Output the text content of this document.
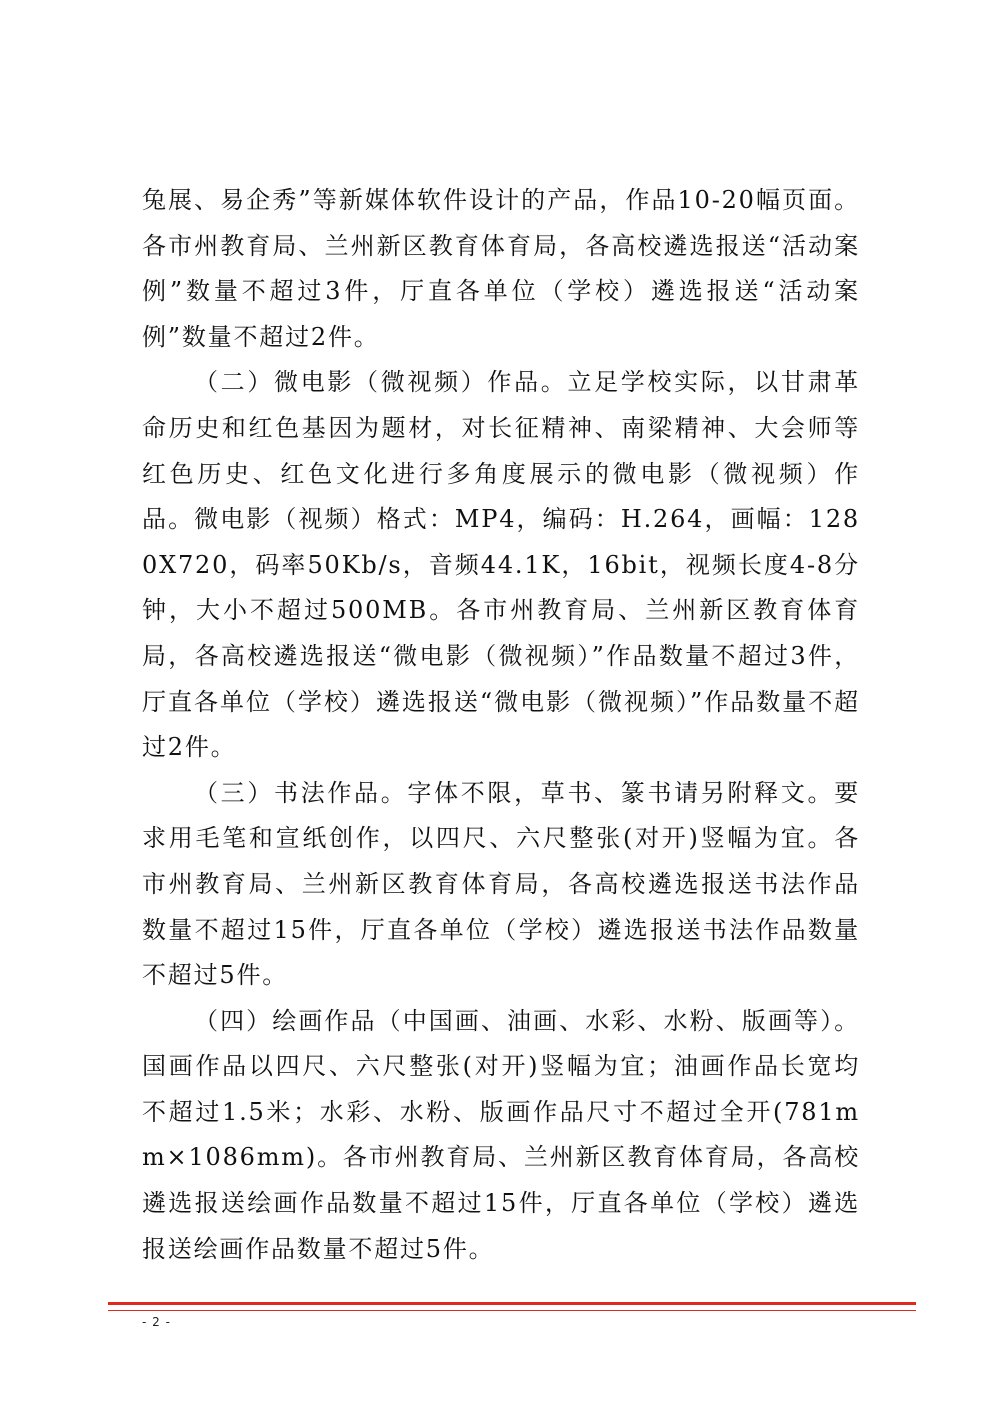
兔展、易企秀”等新媒体软件设计的产品，作品10-20幅页面。各市州教育局、兰州新区教育体育局，各高校遴选报送“活动案例”数量不超过3件，厅直各单位（学校）遴选报送“活动案例”数量不超过2件。

（二）微电影（微视频）作品。立足学校实际，以甘肃革命历史和红色基因为题材，对长征精神、南梁精神、大会师等红色历史、红色文化进行多角度展示的微电影（微视频）作品。微电影（视频）格式：MP4，编码：H.264，画幅：1280X720，码率50Kb/s，音频44.1K，16bit，视频长度4-8分钟，大小不超过500MB。各市州教育局、兰州新区教育体育局，各高校遴选报送“微电影（微视频）”作品数量不超过3件，厅直各单位（学校）遴选报送“微电影（微视频）”作品数量不超过2件。

（三）书法作品。字体不限，草书、篆书请另附释文。要求用毛笔和宣纸创作，以四尺、六尺整张(对开)竖幅为宜。各市州教育局、兰州新区教育体育局，各高校遴选报送书法作品数量不超过15件，厅直各单位（学校）遴选报送书法作品数量不超过5件。

（四）绘画作品（中国画、油画、水彩、水粉、版画等）。国画作品以四尺、六尺整张(对开)竖幅为宜；油画作品长宽均不超过1.5米；水彩、水粉、版画作品尺寸不超过全开(781mm×1086mm)。各市州教育局、兰州新区教育体育局，各高校遴选报送绘画作品数量不超过15件，厅直各单位（学校）遴选报送绘画作品数量不超过5件。

- 2 -
